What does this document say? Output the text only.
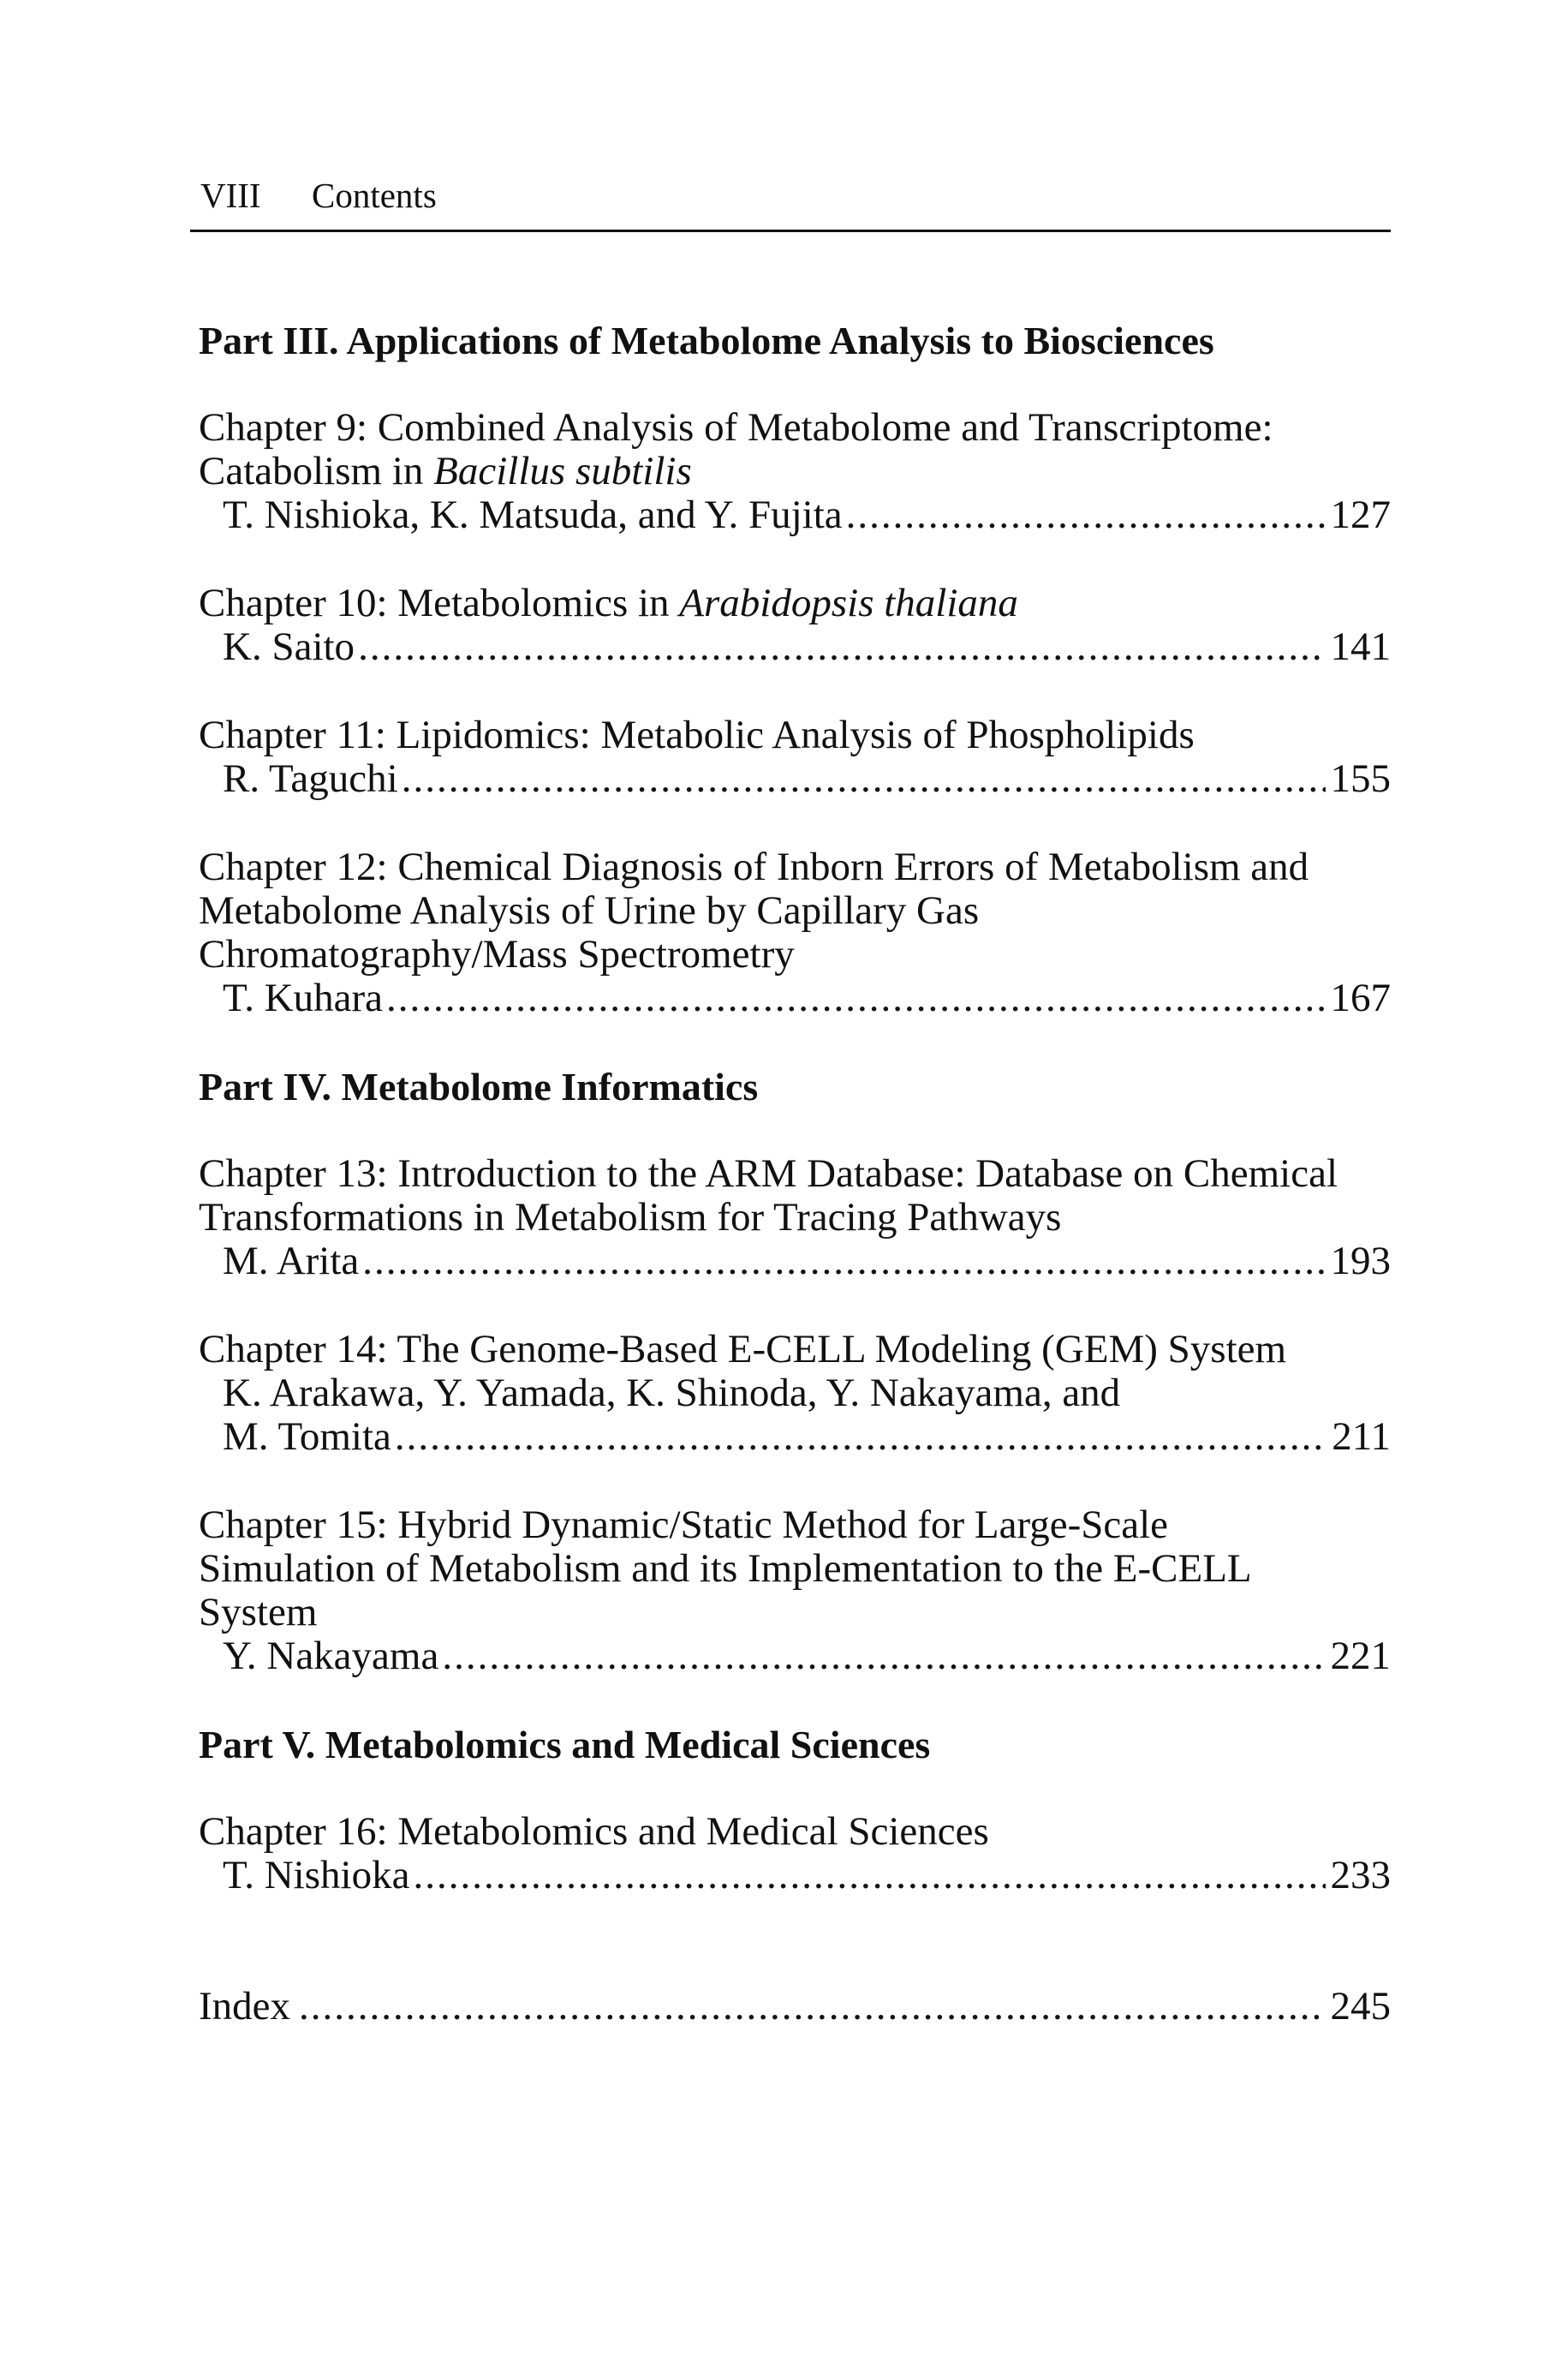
VIII Contents
Part III. Applications of Metabolome Analysis to Biosciences
Chapter 9: Combined Analysis of Metabolome and Transcriptome:
Catabolism in Bacillus subtilis
T. Nishioka, K. Matsuda, and Y. Fujita .....	127
Chapter 10: Metabolomics in Arabidopsis thaliana
K. Saito .....	141
Chapter 11: Lipidomics: Metabolic Analysis of Phospholipids
R. Taguchi .....	155
Chapter 12: Chemical Diagnosis of Inborn Errors of Metabolism and
Metabolome Analysis of Urine by Capillary Gas
Chromatography/Mass Spectrometry
T. Kuhara .....	167
Part IV. Metabolome Informatics
Chapter 13: Introduction to the ARM Database: Database on Chemical
Transformations in Metabolism for Tracing Pathways
M. Arita .....	193
Chapter 14: The Genome-Based E-CELL Modeling (GEM) System
K. Arakawa, Y. Yamada, K. Shinoda, Y. Nakayama, and
M. Tomita .....	211
Chapter 15: Hybrid Dynamic/Static Method for Large-Scale
Simulation of Metabolism and its Implementation to the E-CELL
System
Y. Nakayama .....	221
Part V. Metabolomics and Medical Sciences
Chapter 16: Metabolomics and Medical Sciences
T. Nishioka .....	233
Index .....	245
